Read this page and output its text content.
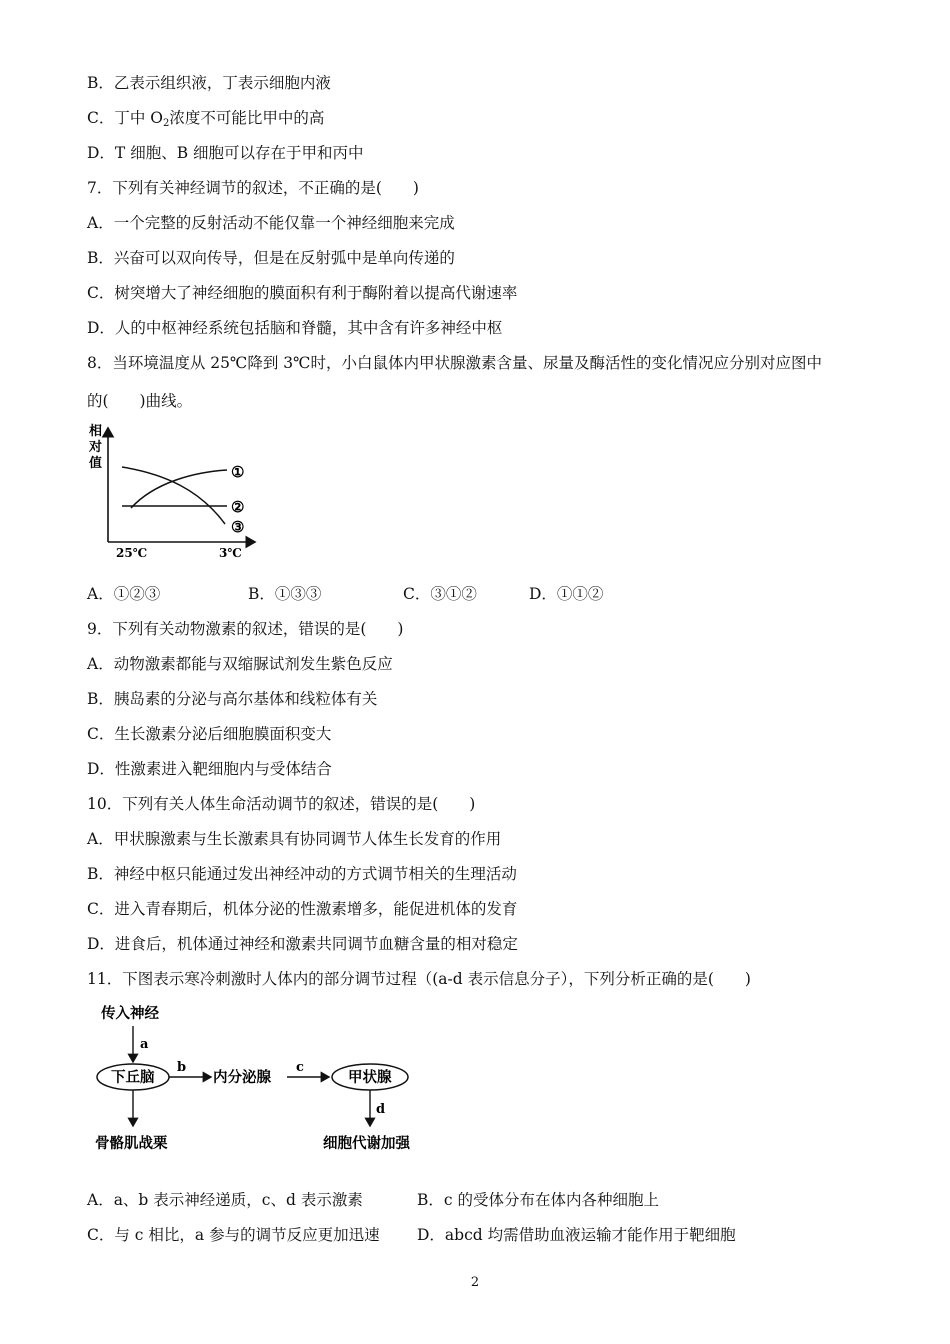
B．乙表示组织液，丁表示细胞内液
C．丁中 $O_2$浓度不可能比甲中的高
D．T 细胞、B 细胞可以存在于甲和丙中
7．下列有关神经调节的叙述，不正确的是(　　)
A．一个完整的反射活动不能仅靠一个神经细胞来完成
B．兴奋可以双向传导，但是在反射弧中是单向传递的
C．树突增大了神经细胞的膜面积有利于酶附着以提高代谢速率
D．人的中枢神经系统包括脑和脊髓，其中含有许多神经中枢
8．当环境温度从 25℃降到 3℃时，小白鼠体内甲状腺激素含量、尿量及酶活性的变化情况应分别对应图中
的(　　)曲线。
相
对
值	①
②
③
25℃	3℃
A．①②③	B．①③③	C．③①②	D．①①②
9．下列有关动物激素的叙述，错误的是(　　)
A．动物激素都能与双缩脲试剂发生紫色反应
B．胰岛素的分泌与高尔基体和线粒体有关
C．生长激素分泌后细胞膜面积变大
D．性激素进入靶细胞内与受体结合
10．下列有关人体生命活动调节的叙述，错误的是(　　)
A．甲状腺激素与生长激素具有协同调节人体生长发育的作用
B．神经中枢只能通过发出神经冲动的方式调节相关的生理活动
C．进入青春期后，机体分泌的性激素增多，能促进机体的发育
D．进食后，机体通过神经和激素共同调节血糖含量的相对稳定
11．下图表示寒冷刺激时人体内的部分调节过程（(a-d 表示信息分子），下列分析正确的是(　　)
传入神经
a
下丘脑
b
内分泌腺
c
甲状腺
d
骨骼肌战栗	细胞代谢加强
A．a、b 表示神经递质，c、d 表示激素	B．c 的受体分布在体内各种细胞上
C．与 c 相比，a 参与的调节反应更加迅速 D．abcd 均需借助血液运输才能作用于靶细胞
2
